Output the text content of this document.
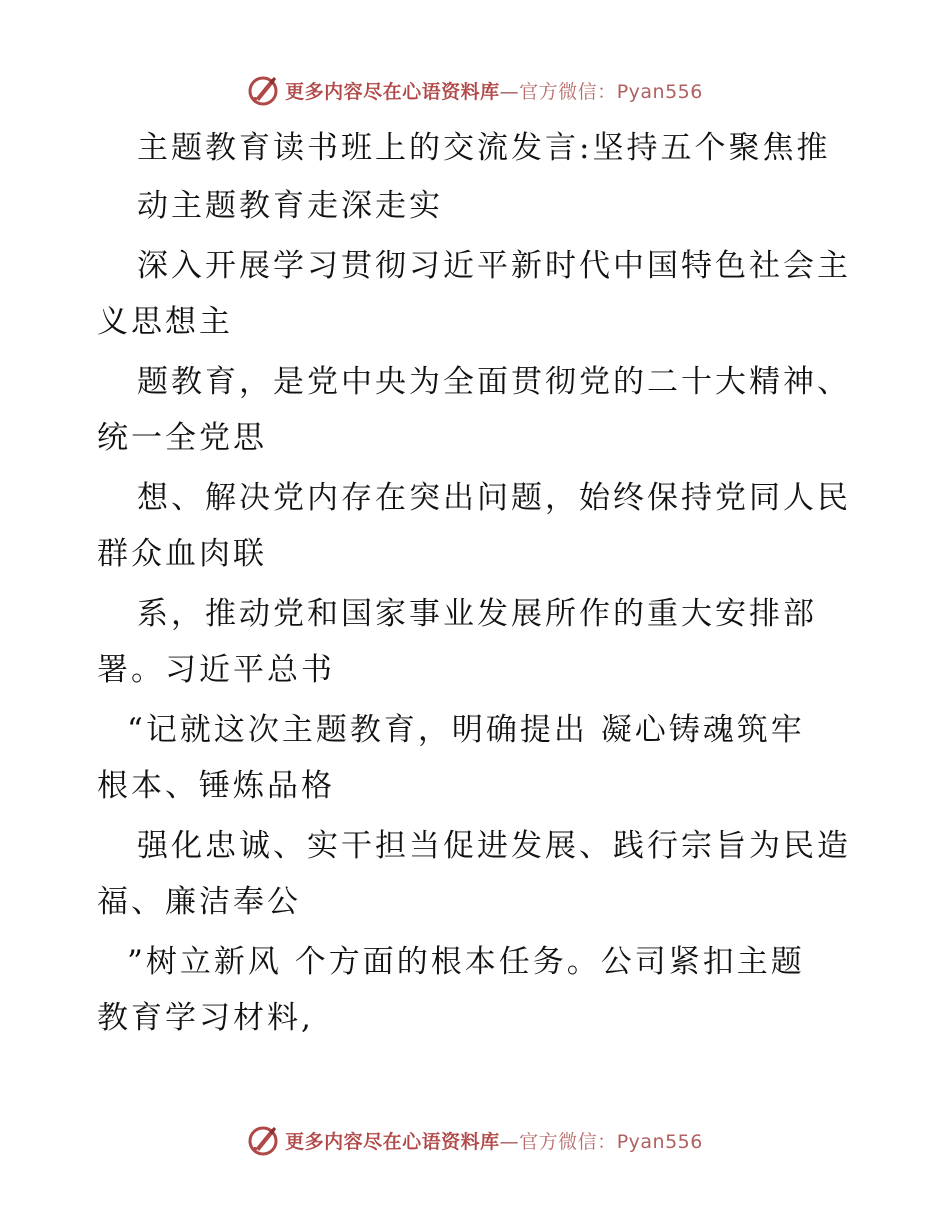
更多内容尽在心语资料库—官方微信：Pyan556
主题教育读书班上的交流发言:坚持五个聚焦推
动主题教育走深走实
深入开展学习贯彻习近平新时代中国特色社会主
义思想主
题教育，是党中央为全面贯彻党的二十大精神、
统一全党思
想、解决党内存在突出问题，始终保持党同人民
群众血肉联
系，推动党和国家事业发展所作的重大安排部
署。习近平总书
“记就这次主题教育，明确提出 凝心铸魂筑牢
根本、锤炼品格
强化忠诚、实干担当促进发展、践行宗旨为民造
福、廉洁奉公
”树立新风 个方面的根本任务。公司紧扣主题
教育学习材料,
更多内容尽在心语资料库—官方微信：Pyan556
